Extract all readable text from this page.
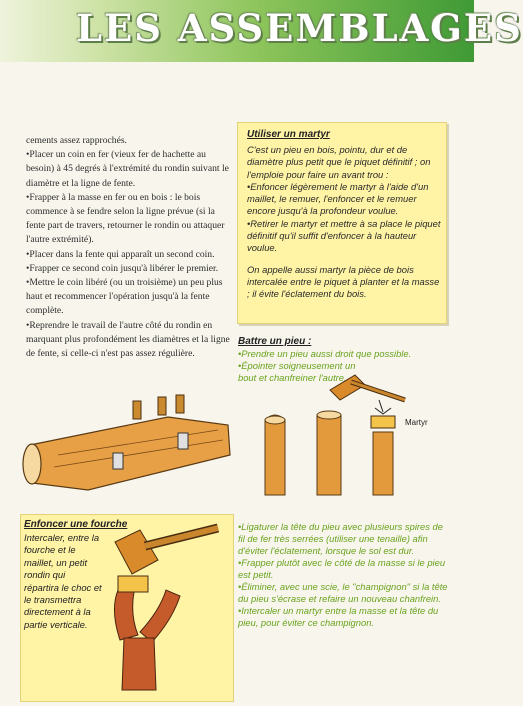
LES ASSEMBLAGES

cements assez rapprochés.

•Placer un coin en fer (vieux fer de hachette au besoin) à 45 degrés à l'extrémité du rondin suivant le diamètre et la ligne de fente.

•Frapper à la masse en fer ou en bois : le bois commence à se fendre selon la ligne prévue (si la fente part de travers, retourner le rondin ou attaquer l'autre extrémité).

•Placer dans la fente qui apparaît un second coin.

•Frapper ce second coin jusqu'à libérer le premier.

•Mettre le coin libéré (ou un troisième) un peu plus haut et recommencer l'opération jusqu'à la fente complète.

•Reprendre le travail de l'autre côté du rondin en marquant plus profondément les diamètres et la ligne de fente, si celle-ci n'est pas assez régulière.

Utiliser un martyr

C'est un pieu en bois, pointu, dur et de diamètre plus petit que le piquet définitif ; on l'emploie pour faire un avant trou :

•Enfoncer légèrement le martyr à l'aide d'un maillet, le remuer, l'enfoncer et le remuer encore jusqu'à la profondeur voulue.

•Retirer le martyr et mettre à sa place le piquet définitif qu'il suffit d'enfoncer à la hauteur voulue.

On appelle aussi martyr la pièce de bois intercalée entre le piquet à planter et la masse ; il évite l'éclatement du bois.

Battre un pieu :
•Prendre un pieu aussi droit que possible.
•Épointer soigneusement un bout et chanfreiner l'autre.
Martyr
Enfoncer une fourche
Intercaler, entre la fourche et le maillet, un petit rondin qui répartira le choc et le transmettra directement à la partie verticale.

•Ligaturer la tête du pieu avec plusieurs spires de fil de fer très serrées (utiliser une tenaille) afin d'éviter l'éclatement, lorsque le sol est dur.

•Frapper plutôt avec le côté de la masse si le pieu est petit.

•Éliminer, avec une scie, le "champignon" si la tête du pieu s'écrase et refaire un nouveau chanfrein.

•Intercaler un martyr entre la masse et la tête du pieu, pour éviter ce champignon.
